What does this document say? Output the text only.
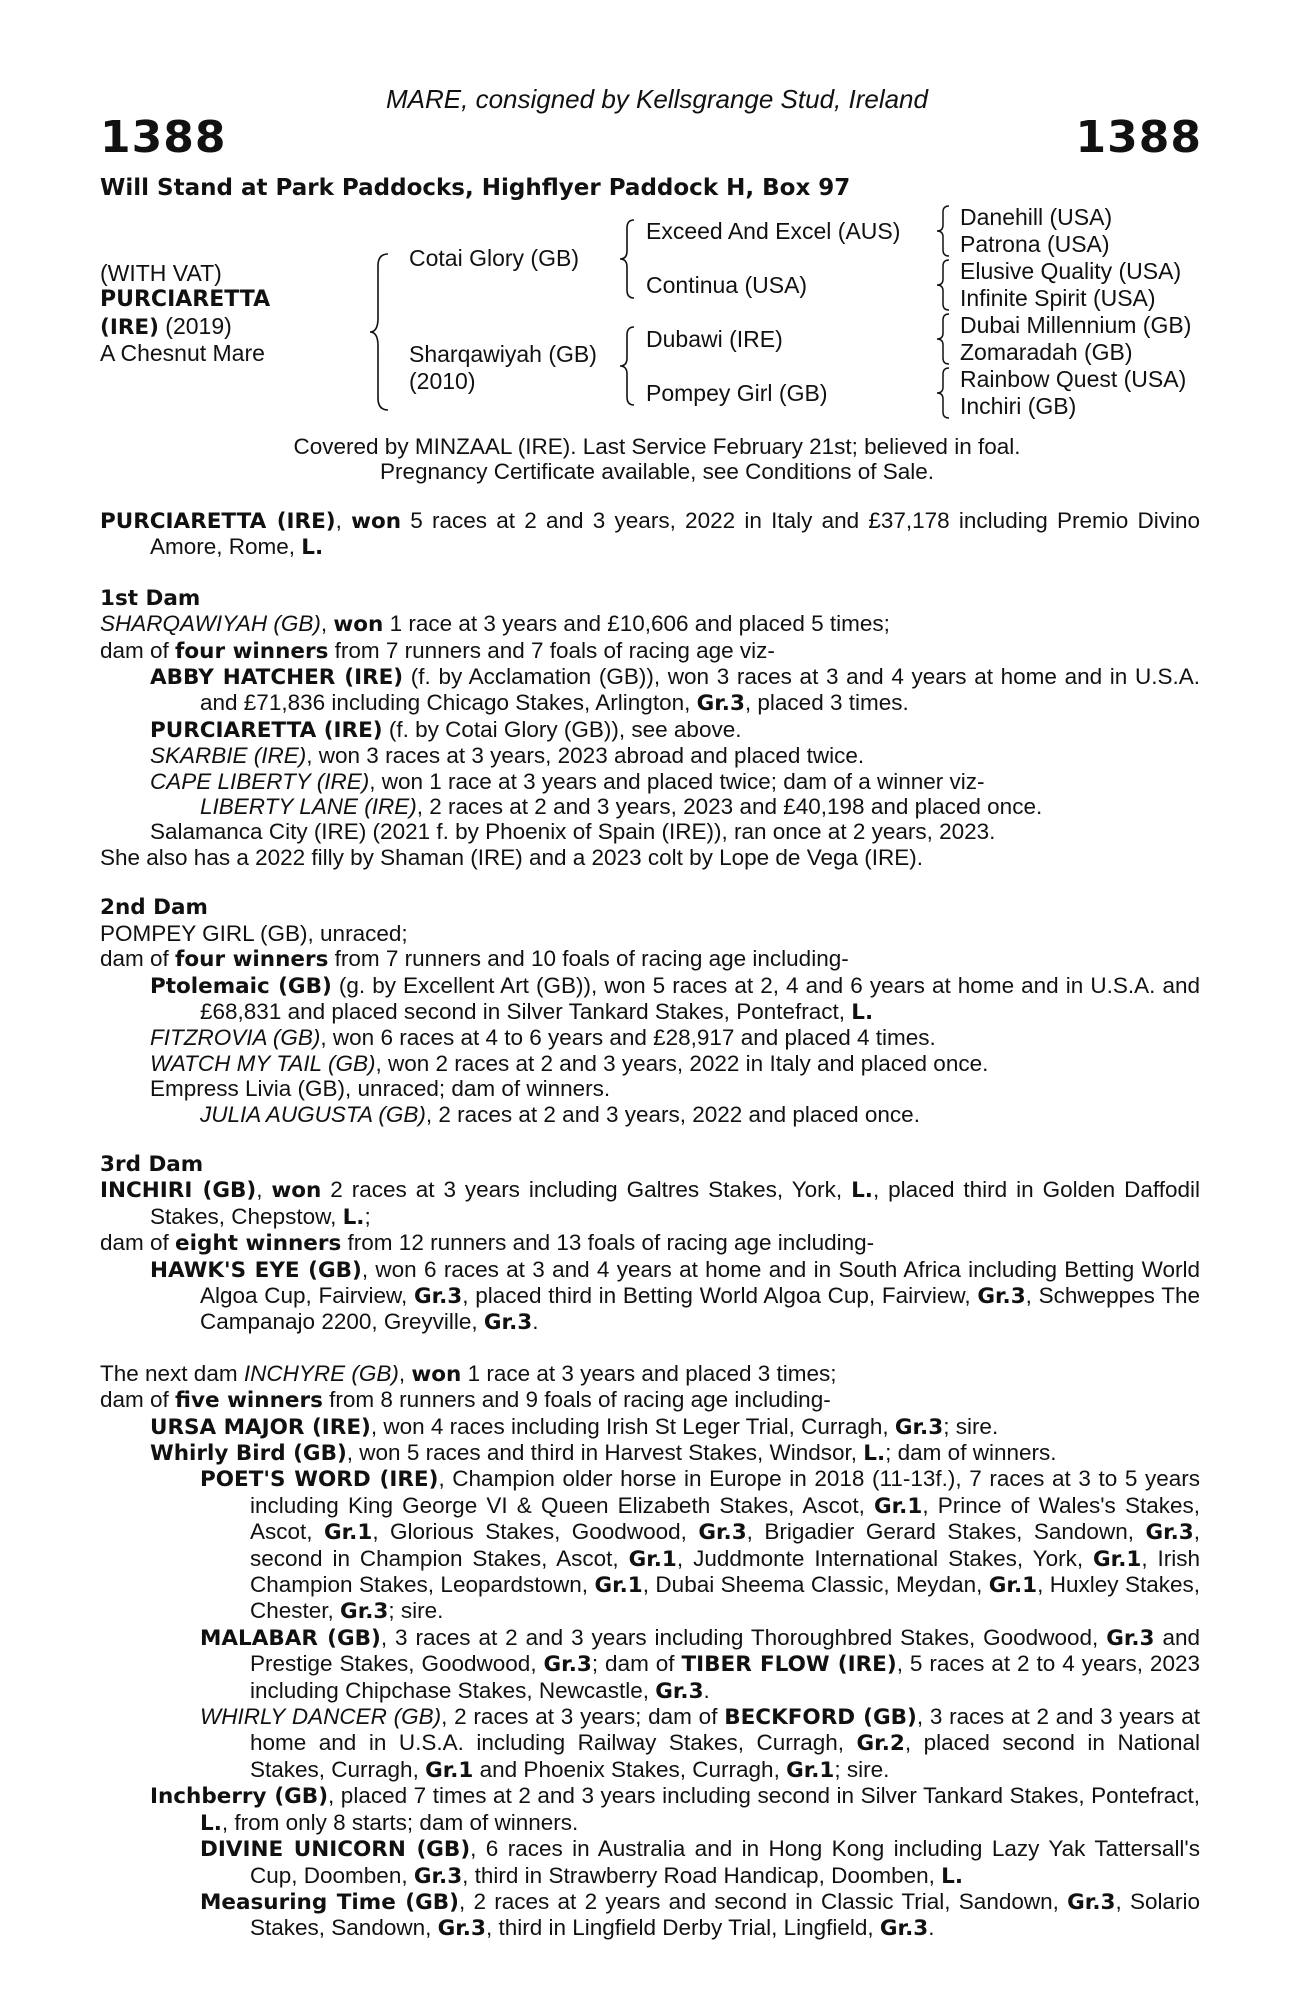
MARE, consigned by Kellsgrange Stud, Ireland
1388	1388
Will Stand at Park Paddocks, Highflyer Paddock H, Box 97
(WITH VAT)
PURCIARETTA
(IRE) (2019)
A Chesnut Mare
Cotai Glory (GB)
Sharqawiyah (GB)
(2010)
Exceed And Excel (AUS)
Continua (USA)
Dubawi (IRE)
Pompey Girl (GB)
Danehill (USA)
Patrona (USA)
Elusive Quality (USA)
Infinite Spirit (USA)
Dubai Millennium (GB)
Zomaradah (GB)
Rainbow Quest (USA)
Inchiri (GB)
Covered by MINZAAL (IRE). Last Service February 21st; believed in foal.
Pregnancy Certificate available, see Conditions of Sale.

PURCIARETTA (IRE), won 5 races at 2 and 3 years, 2022 in Italy and £37,178 including Premio Divino Amore, Rome, L.

1st Dam

SHARQAWIYAH (GB), won 1 race at 3 years and £10,606 and placed 5 times;

dam of four winners from 7 runners and 7 foals of racing age viz-

ABBY HATCHER (IRE) (f. by Acclamation (GB)), won 3 races at 3 and 4 years at home and in U.S.A. and £71,836 including Chicago Stakes, Arlington, Gr.3, placed 3 times.

PURCIARETTA (IRE) (f. by Cotai Glory (GB)), see above.

SKARBIE (IRE), won 3 races at 3 years, 2023 abroad and placed twice.

CAPE LIBERTY (IRE), won 1 race at 3 years and placed twice; dam of a winner viz-

LIBERTY LANE (IRE), 2 races at 2 and 3 years, 2023 and £40,198 and placed once.

Salamanca City (IRE) (2021 f. by Phoenix of Spain (IRE)), ran once at 2 years, 2023.

She also has a 2022 filly by Shaman (IRE) and a 2023 colt by Lope de Vega (IRE).

2nd Dam

POMPEY GIRL (GB), unraced;

dam of four winners from 7 runners and 10 foals of racing age including-

Ptolemaic (GB) (g. by Excellent Art (GB)), won 5 races at 2, 4 and 6 years at home and in U.S.A. and £68,831 and placed second in Silver Tankard Stakes, Pontefract, L.

FITZROVIA (GB), won 6 races at 4 to 6 years and £28,917 and placed 4 times.

WATCH MY TAIL (GB), won 2 races at 2 and 3 years, 2022 in Italy and placed once.

Empress Livia (GB), unraced; dam of winners.

JULIA AUGUSTA (GB), 2 races at 2 and 3 years, 2022 and placed once.

3rd Dam

INCHIRI (GB), won 2 races at 3 years including Galtres Stakes, York, L., placed third in Golden Daffodil Stakes, Chepstow, L.;

dam of eight winners from 12 runners and 13 foals of racing age including-

HAWK'S EYE (GB), won 6 races at 3 and 4 years at home and in South Africa including Betting World Algoa Cup, Fairview, Gr.3, placed third in Betting World Algoa Cup, Fairview, Gr.3, Schweppes The Campanajo 2200, Greyville, Gr.3.

The next dam INCHYRE (GB), won 1 race at 3 years and placed 3 times;

dam of five winners from 8 runners and 9 foals of racing age including-

URSA MAJOR (IRE), won 4 races including Irish St Leger Trial, Curragh, Gr.3; sire.

Whirly Bird (GB), won 5 races and third in Harvest Stakes, Windsor, L.; dam of winners.

POET'S WORD (IRE), Champion older horse in Europe in 2018 (11-13f.), 7 races at 3 to 5 years including King George VI & Queen Elizabeth Stakes, Ascot, Gr.1, Prince of Wales's Stakes, Ascot, Gr.1, Glorious Stakes, Goodwood, Gr.3, Brigadier Gerard Stakes, Sandown, Gr.3, second in Champion Stakes, Ascot, Gr.1, Juddmonte International Stakes, York, Gr.1, Irish Champion Stakes, Leopardstown, Gr.1, Dubai Sheema Classic, Meydan, Gr.1, Huxley Stakes, Chester, Gr.3; sire.

MALABAR (GB), 3 races at 2 and 3 years including Thoroughbred Stakes, Goodwood, Gr.3 and Prestige Stakes, Goodwood, Gr.3; dam of TIBER FLOW (IRE), 5 races at 2 to 4 years, 2023 including Chipchase Stakes, Newcastle, Gr.3.

WHIRLY DANCER (GB), 2 races at 3 years; dam of BECKFORD (GB), 3 races at 2 and 3 years at home and in U.S.A. including Railway Stakes, Curragh, Gr.2, placed second in National Stakes, Curragh, Gr.1 and Phoenix Stakes, Curragh, Gr.1; sire.

Inchberry (GB), placed 7 times at 2 and 3 years including second in Silver Tankard Stakes, Pontefract, L., from only 8 starts; dam of winners.

DIVINE UNICORN (GB), 6 races in Australia and in Hong Kong including Lazy Yak Tattersall's Cup, Doomben, Gr.3, third in Strawberry Road Handicap, Doomben, L.

Measuring Time (GB), 2 races at 2 years and second in Classic Trial, Sandown, Gr.3, Solario Stakes, Sandown, Gr.3, third in Lingfield Derby Trial, Lingfield, Gr.3.
